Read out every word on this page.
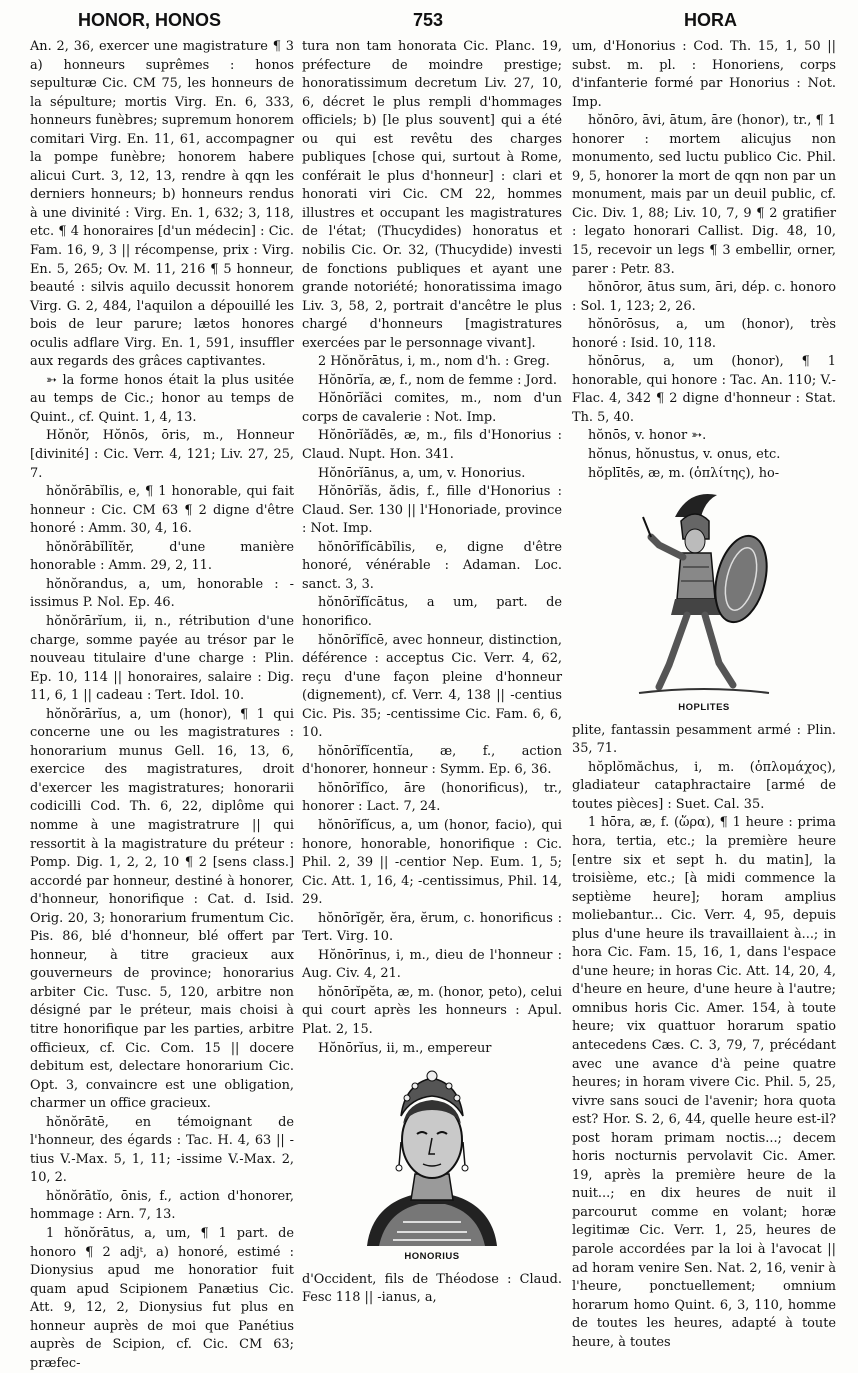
HONOR, HONOS	753	HORA

An. 2, 36, exercer une magistrature ¶ 3 a) honneurs suprêmes : honos sepulturæ Cic. CM 75, les honneurs de la sépulture; mortis Virg. En. 6, 333, honneurs funèbres; supremum honorem comitari Virg. En. 11, 61, accompagner la pompe funèbre; honorem habere alicui Curt. 3, 12, 13, rendre à qqn les derniers honneurs; b) honneurs rendus à une divinité : Virg. En. 1, 632; 3, 118, etc. ¶ 4 honoraires [d'un médecin] : Cic. Fam. 16, 9, 3 || récompense, prix : Virg. En. 5, 265; Ov. M. 11, 216 ¶ 5 honneur, beauté : silvis aquilo decussit honorem Virg. G. 2, 484, l'aquilon a dépouillé les bois de leur parure; lætos honores oculis adflare Virg. En. 1, 591, insuffler aux regards des grâces captivantes.

➳ la forme honos était la plus usitée au temps de Cic.; honor au temps de Quint., cf. Quint. 1, 4, 13.

Hŏnŏr, Hŏnōs, ōris, m., Honneur [divinité] : Cic. Verr. 4, 121; Liv. 27, 25, 7.

hŏnŏrābĭlis, e, ¶ 1 honorable, qui fait honneur : Cic. CM 63 ¶ 2 digne d'être honoré : Amm. 30, 4, 16.

hŏnŏrābĭlĭtĕr, d'une manière honorable : Amm. 29, 2, 11.

hŏnŏrandus, a, um, honorable : -issimus P. Nol. Ep. 46.

hŏnŏrārĭum, ii, n., rétribution d'une charge, somme payée au trésor par le nouveau titulaire d'une charge : Plin. Ep. 10, 114 || honoraires, salaire : Dig. 11, 6, 1 || cadeau : Tert. Idol. 10.

hŏnŏrārĭus, a, um (honor), ¶ 1 qui concerne une ou les magistratures : honorarium munus Gell. 16, 13, 6, exercice des magistratures, droit d'exercer les magistratures; honorarii codicilli Cod. Th. 6, 22, diplôme qui nomme à une magistratrure || qui ressortit à la magistrature du préteur : Pomp. Dig. 1, 2, 2, 10 ¶ 2 [sens class.] accordé par honneur, destiné à honorer, d'honneur, honorifique : Cat. d. Isid. Orig. 20, 3; honorarium frumentum Cic. Pis. 86, blé d'honneur, blé offert par honneur, à titre gracieux aux gouverneurs de province; honorarius arbiter Cic. Tusc. 5, 120, arbitre non désigné par le préteur, mais choisi à titre honorifique par les parties, arbitre officieux, cf. Cic. Com. 15 || docere debitum est, delectare honorarium Cic. Opt. 3, convaincre est une obligation, charmer un office gracieux.

hŏnŏrātē, en témoignant de l'honneur, des égards : Tac. H. 4, 63 || -tius V.-Max. 5, 1, 11; -issime V.-Max. 2, 10, 2.

hŏnŏrātĭo, ōnis, f., action d'honorer, hommage : Arn. 7, 13.

1 hŏnŏrātus, a, um, ¶ 1 part. de honoro ¶ 2 adjᵗ, a) honoré, estimé : Dionysius apud me honoratior fuit quam apud Scipionem Panætius Cic. Att. 9, 12, 2, Dionysius fut plus en honneur auprès de moi que Panétius auprès de Scipion, cf. Cic. CM 63; præfec-

tura non tam honorata Cic. Planc. 19, préfecture de moindre prestige; honoratissimum decretum Liv. 27, 10, 6, décret le plus rempli d'hommages officiels; b) [le plus souvent] qui a été ou qui est revêtu des charges publiques [chose qui, surtout à Rome, conférait le plus d'honneur] : clari et honorati viri Cic. CM 22, hommes illustres et occupant les magistratures de l'état; (Thucydides) honoratus et nobilis Cic. Or. 32, (Thucydide) investi de fonctions publiques et ayant une grande notoriété; honoratissima imago Liv. 3, 58, 2, portrait d'ancêtre le plus chargé d'honneurs [magistratures exercées par le personnage vivant].

2 Hŏnŏrātus, i, m., nom d'h. : Greg.

Hŏnōrĭa, æ, f., nom de femme : Jord.

Hŏnōrĭăci comites, m., nom d'un corps de cavalerie : Not. Imp.

Hŏnōrĭădēs, æ, m., fils d'Honorius : Claud. Nupt. Hon. 341.

Hŏnōrĭānus, a, um, v. Honorius.

Hŏnōrĭăs, ădis, f., fille d'Honorius : Claud. Ser. 130 || l'Honoriade, province : Not. Imp.

hŏnōrĭfĭcābĭlis, e, digne d'être honoré, vénérable : Adaman. Loc. sanct. 3, 3.

hŏnōrĭfĭcātus, a um, part. de honorifico.

hŏnōrĭfĭcē, avec honneur, distinction, déférence : acceptus Cic. Verr. 4, 62, reçu d'une façon pleine d'honneur (dignement), cf. Verr. 4, 138 || -centius Cic. Pis. 35; -centissime Cic. Fam. 6, 6, 10.

hŏnōrĭfĭcentĭa, æ, f., action d'honorer, honneur : Symm. Ep. 6, 36.

hŏnōrĭfĭco, āre (honorificus), tr., honorer : Lact. 7, 24.

hŏnōrĭfĭcus, a, um (honor, facio), qui honore, honorable, honorifique : Cic. Phil. 2, 39 || -centior Nep. Eum. 1, 5; Cic. Att. 1, 16, 4; -centissimus, Phil. 14, 29.

hŏnōrĭgĕr, ĕra, ĕrum, c. honorificus : Tert. Virg. 10.

Hŏnōrīnus, i, m., dieu de l'honneur : Aug. Civ. 4, 21.

hŏnōrĭpĕta, æ, m. (honor, peto), celui qui court après les honneurs : Apul. Plat. 2, 15.

Hŏnōrĭus, ii, m., empereur

HONORIUS

d'Occident, fils de Théodose : Claud. Fesc 118 || -ianus, a,

um, d'Honorius : Cod. Th. 15, 1, 50 || subst. m. pl. : Honoriens, corps d'infanterie formé par Honorius : Not. Imp.

hŏnōro, āvi, ātum, āre (honor), tr., ¶ 1 honorer : mortem alicujus non monumento, sed luctu publico Cic. Phil. 9, 5, honorer la mort de qqn non par un monument, mais par un deuil public, cf. Cic. Div. 1, 88; Liv. 10, 7, 9 ¶ 2 gratifier : legato honorari Callist. Dig. 48, 10, 15, recevoir un legs ¶ 3 embellir, orner, parer : Petr. 83.

hŏnōror, ātus sum, āri, dép. c. honoro : Sol. 1, 123; 2, 26.

hŏnōrōsus, a, um (honor), très honoré : Isid. 10, 118.

hŏnōrus, a, um (honor), ¶ 1 honorable, qui honore : Tac. An. 110; V.-Flac. 4, 342 ¶ 2 digne d'honneur : Stat. Th. 5, 40.

hŏnōs, v. honor ➳.

hŏnus, hŏnustus, v. onus, etc.

hŏplītēs, æ, m. (ὁπλίτης), ho-

HOPLITES

plite, fantassin pesamment armé : Plin. 35, 71.

hŏplŏmăchus, i, m. (ὁπλομάχος), gladiateur cataphractaire [armé de toutes pièces] : Suet. Cal. 35.

1 hōra, æ, f. (ὥρα), ¶ 1 heure : prima hora, tertia, etc.; la première heure [entre six et sept h. du matin], la troisième, etc.; [à midi commence la septième heure]; horam amplius moliebantur... Cic. Verr. 4, 95, depuis plus d'une heure ils travaillaient à...; in hora Cic. Fam. 15, 16, 1, dans l'espace d'une heure; in horas Cic. Att. 14, 20, 4, d'heure en heure, d'une heure à l'autre; omnibus horis Cic. Amer. 154, à toute heure; vix quattuor horarum spatio antecedens Cæs. C. 3, 79, 7, précédant avec une avance d'à peine quatre heures; in horam vivere Cic. Phil. 5, 25, vivre sans souci de l'avenir; hora quota est? Hor. S. 2, 6, 44, quelle heure est-il? post horam primam noctis...; decem horis nocturnis pervolavit Cic. Amer. 19, après la première heure de la nuit...; en dix heures de nuit il parcourut comme en volant; horæ legitimæ Cic. Verr. 1, 25, heures de parole accordées par la loi à l'avocat || ad horam venire Sen. Nat. 2, 16, venir à l'heure, ponctuellement; omnium horarum homo Quint. 6, 3, 110, homme de toutes les heures, adapté à toute heure, à toutes
